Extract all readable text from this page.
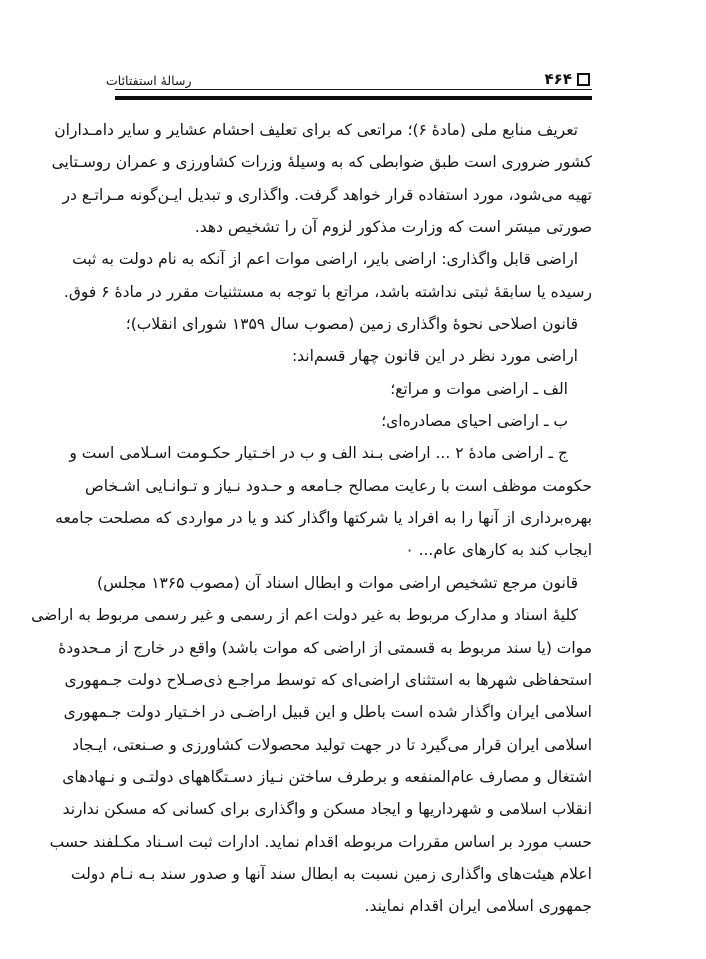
رسالهٔ استفتائات	۴۶۴
تعریف منابع ملی (مادهٔ ۶)؛ مراتعی که برای تعلیف احشام عشایر و سایر دامـداران
کشور ضروری است طبق ضوابطی که به وسیلهٔ وزرات کشاورزی و عمران روسـتایی
تهیه می‌شود، مورد استفاده قرار خواهد گرفت. واگذاری و تبدیل ایـن‌گونه مـراتـع در
صورتی میسَر است که وزارت مذکور لزوم آن را تشخیص دهد.
اراضی قابل واگذاری: اراضی بایر، اراضی موات اعم از آنکه به نام دولت به ثبت
رسیده یا سابقهٔ ثبتی نداشته باشد، مراتع با توجه به مستثنیات مقرر در مادهٔ ۶ فوق.
قانون اصلاحی نحوهٔ واگذاری زمین (مصوب سال ۱۳۵۹ شورای انقلاب)؛
اراضی مورد نظر در این قانون چهار قسم‌اند:
الف ـ اراضی موات و مراتع؛
ب ـ اراضی احیای مصادره‌ای؛
ج ـ اراضی مادهٔ ۲ ... اراضی بـند الف و ب در اخـتیار حکـومت اسـلامی است و
حکومت موظف است با رعایت مصالح جـامعه و حـدود نـیاز و تـوانـایی اشـخاص
بهره‌برداری از آنها را به افراد یا شرکتها واگذار کند و یا در مواردی که مصلحت جامعه
ایجاب کند به کارهای عام... ٠
قانون مرجع تشخیص اراضی موات و ابطال اسناد آن (مصوب ۱۳۶۵ مجلس)
کلیهٔ اسناد و مدارک مربوط به غیر دولت اعم از رسمی و غیر رسمی مربوط به اراضی
موات (یا سند مربوط به قسمتی از اراضی که موات باشد) واقع در خارج از مـحدودهٔ
استحفاظی شهرها به استثنای اراضی‌ای که توسط مراجـع ذی‌صـلاح دولت جـمهوری
اسلامی ایران واگذار شده است باطل و این قبیل اراضـی در اخـتیار دولت جـمهوری
اسلامی ایران قرار می‌گیرد تا در جهت تولید محصولات کشاورزی و صـنعتی، ایـجاد
اشتغال و مصارف عام‌المنفعه و برطرف ساختن نـیاز دسـتگاههای دولتـی و نـهادهای
انقلاب اسلامی و شهرداریها و ایجاد مسکن و واگذاری برای کسانی که مسکن ندارند
حسب مورد بر اساس مقررات مربوطه اقدام نماید. ادارات ثبت اسـناد مکـلفند حسب
اعلام هیئت‌های واگذاری زمین نسبت به ابطال سند آنها و صدور سند بـه نـام دولت
جمهوری اسلامی ایران اقدام نمایند.
